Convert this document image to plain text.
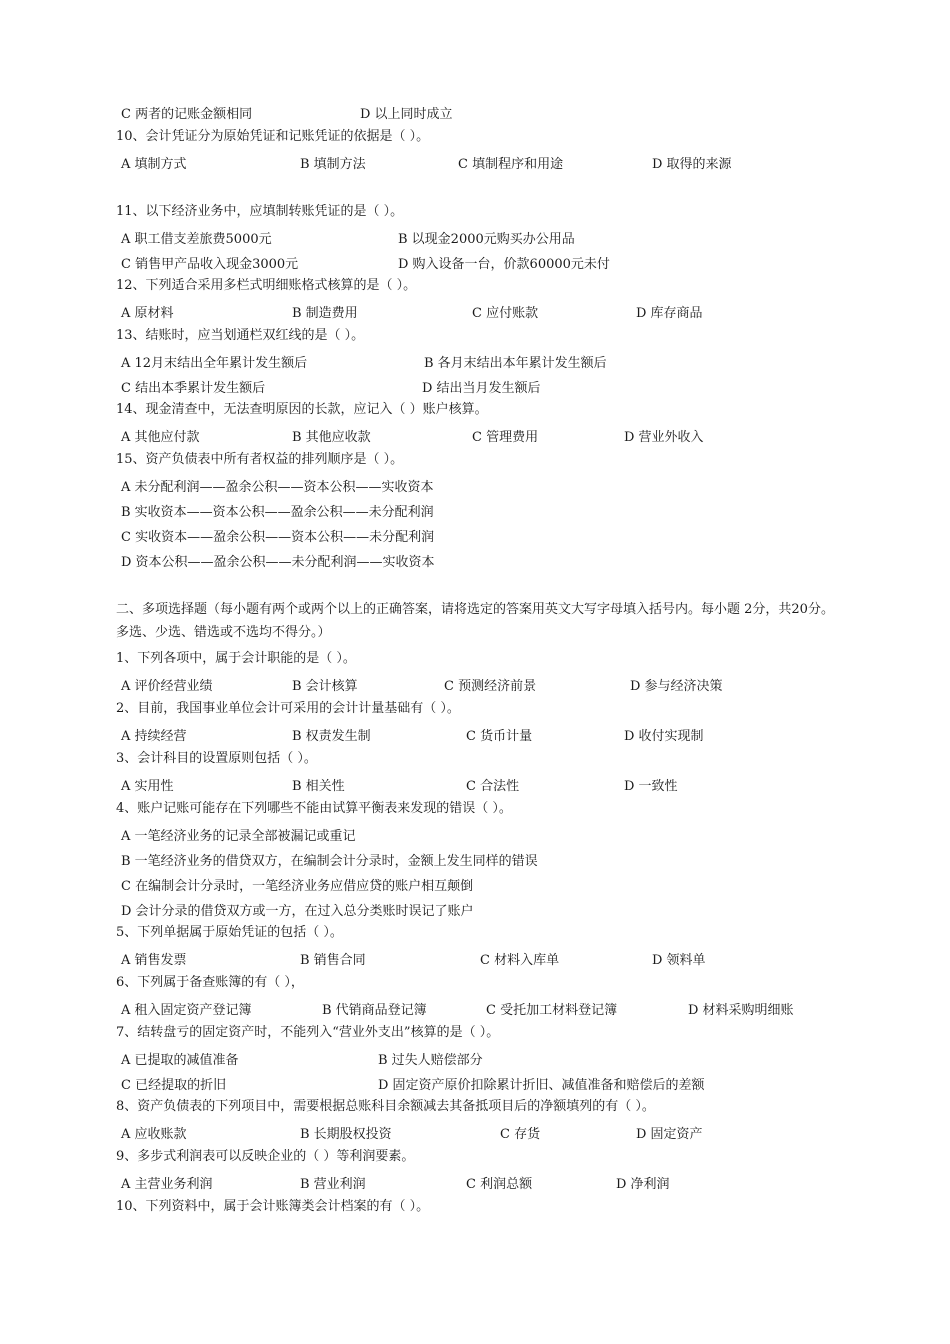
C 两者的记账金额相同	D 以上同时成立
10、会计凭证分为原始凭证和记账凭证的依据是（ ）。
A 填制方式	B 填制方法	C 填制程序和用途	D 取得的来源
11、以下经济业务中，应填制转账凭证的是（ ）。
A 职工借支差旅费5000元	B 以现金2000元购买办公用品
C 销售甲产品收入现金3000元	D 购入设备一台，价款60000元未付
12、下列适合采用多栏式明细账格式核算的是（ ）。
A 原材料	B 制造费用	C 应付账款	D 库存商品
13、结账时，应当划通栏双红线的是（ ）。
A 12月末结出全年累计发生额后	B 各月末结出本年累计发生额后
C 结出本季累计发生额后	D 结出当月发生额后
14、现金清查中，无法查明原因的长款，应记入（ ）账户核算。
A 其他应付款	B 其他应收款	C 管理费用	D 营业外收入
15、资产负债表中所有者权益的排列顺序是（ ）。
A 未分配利润——盈余公积——资本公积——实收资本
B 实收资本——资本公积——盈余公积——未分配利润
C 实收资本——盈余公积——资本公积——未分配利润
D 资本公积——盈余公积——未分配利润——实收资本
二、多项选择题（每小题有两个或两个以上的正确答案，请将选定的答案用英文大写字母填入括号内。每小题 2分，共20分。多选、少选、错选或不选均不得分。）
1、下列各项中，属于会计职能的是（ ）。
A 评价经营业绩	B 会计核算	C 预测经济前景	D 参与经济决策
2、目前，我国事业单位会计可采用的会计计量基础有（ ）。
A 持续经营	B 权责发生制	C 货币计量	D 收付实现制
3、会计科目的设置原则包括（ ）。
A 实用性	B 相关性	C 合法性	D 一致性
4、账户记账可能存在下列哪些不能由试算平衡表来发现的错误（ ）。
A 一笔经济业务的记录全部被漏记或重记
B 一笔经济业务的借贷双方，在编制会计分录时，金额上发生同样的错误
C 在编制会计分录时，一笔经济业务应借应贷的账户相互颠倒
D 会计分录的借贷双方或一方，在过入总分类账时误记了账户
5、下列单据属于原始凭证的包括（ ）。
A 销售发票	B 销售合同	C 材料入库单	D 领料单
6、下列属于备查账簿的有（ ），
A 租入固定资产登记簿	B 代销商品登记簿	C 受托加工材料登记簿	D 材料采购明细账
7、结转盘亏的固定资产时，不能列入“营业外支出”核算的是（ ）。
A 已提取的减值准备	B 过失人赔偿部分
C 已经提取的折旧	D 固定资产原价扣除累计折旧、减值准备和赔偿后的差额
8、资产负债表的下列项目中，需要根据总账科目余额减去其备抵项目后的净额填列的有（ ）。
A 应收账款	B 长期股权投资	C 存货	D 固定资产
9、多步式利润表可以反映企业的（ ）等利润要素。
A 主营业务利润	B 营业利润	C 利润总额	D 净利润
10、下列资料中，属于会计账簿类会计档案的有（ ）。
